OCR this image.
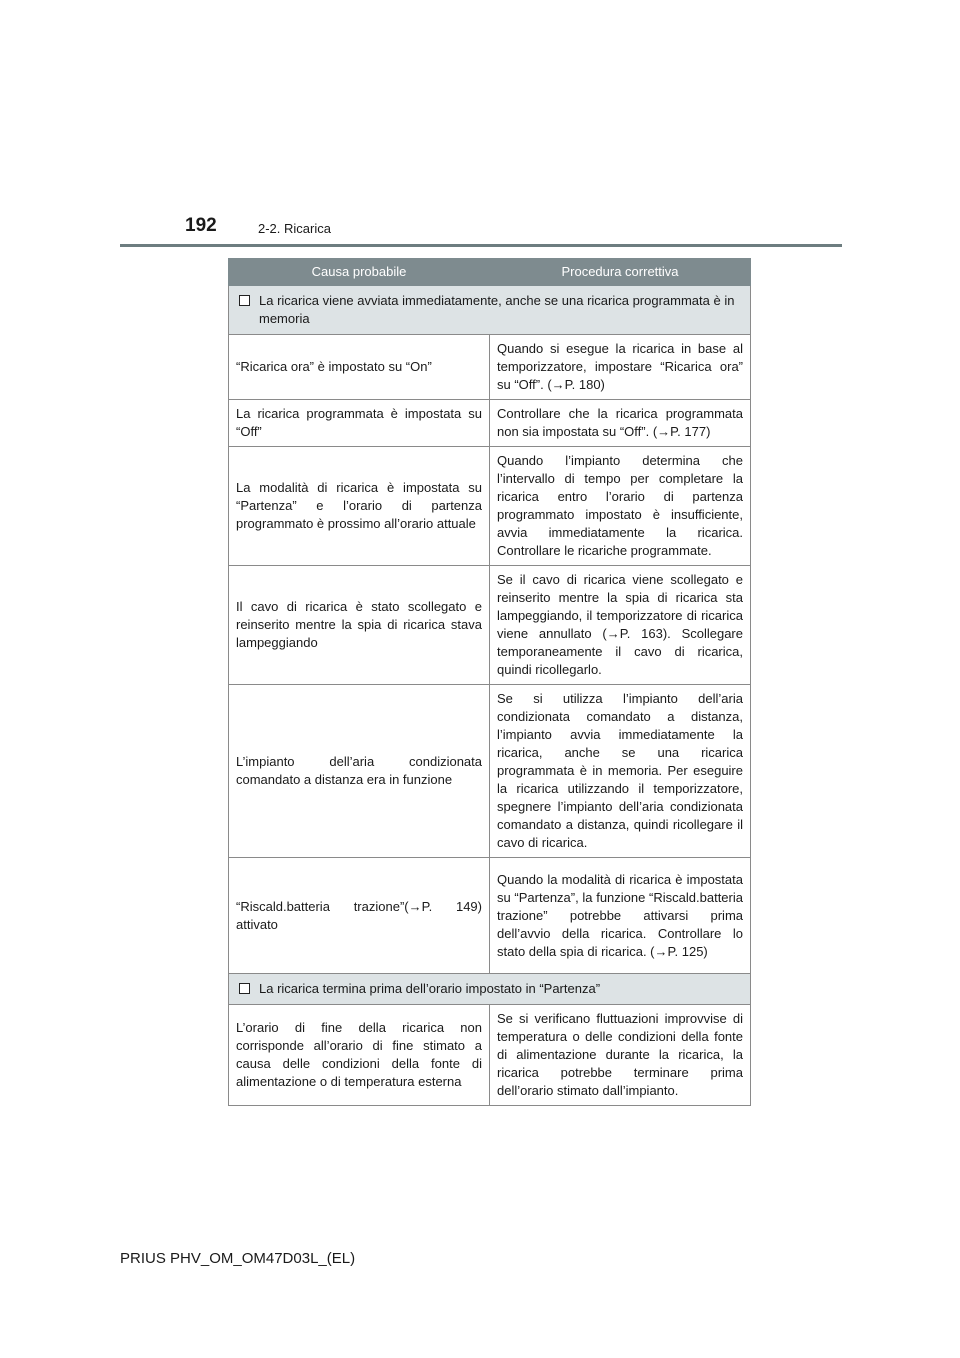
192	2-2. Ricarica
Causa probabile	Procedura correttiva

La ricarica viene avviata immediatamente, anche se una ricarica programmata è in memoria	

“Ricarica ora” è impostato su “On”	Quando si esegue la ricarica in base al temporizzatore, impostare “Ricarica ora” su “Off”. (→P. 180)
La ricarica programmata è impostata su “Off”	Controllare che la ricarica programmata non sia impostata su “Off”. (→P. 177)
La modalità di ricarica è impostata su “Partenza” e l’orario di partenza programmato è prossimo all’orario attuale	Quando l’impianto determina che l’intervallo di tempo per completare la ricarica entro l’orario di partenza programmato impostato è insufficiente, avvia immediatamente la ricarica. Controllare le ricariche programmate.
Il cavo di ricarica è stato scollegato e reinserito mentre la spia di ricarica stava lampeggiando	Se il cavo di ricarica viene scollegato e reinserito mentre la spia di ricarica sta lampeggiando, il temporizzatore di ricarica viene annullato (→P. 163). Scollegare temporaneamente il cavo di ricarica, quindi ricollegarlo.
L’impianto dell’aria condizionata comandato a distanza era in funzione	Se si utilizza l’impianto dell’aria condizionata comandato a distanza, l’impianto avvia immediatamente la ricarica, anche se una ricarica programmata è in memoria. Per eseguire la ricarica utilizzando il temporizzatore, spegnere l’impianto dell’aria condizionata comandato a distanza, quindi ricollegare il cavo di ricarica.
“Riscald.batteria trazione”(→P. 149) attivato	Quando la modalità di ricarica è impostata su “Partenza”, la funzione “Riscald.batteria trazione” potrebbe attivarsi prima dell’avvio della ricarica. Controllare lo stato della spia di ricarica. (→P. 125)

La ricarica termina prima dell’orario impostato in “Partenza”	

L’orario di fine della ricarica non corrisponde all’orario di fine stimato a causa delle condizioni della fonte di alimentazione o di temperatura esterna	Se si verificano fluttuazioni improvvise di temperatura o delle condizioni della fonte di alimentazione durante la ricarica, la ricarica potrebbe terminare prima dell’orario stimato dall’impianto.
PRIUS PHV_OM_OM47D03L_(EL)
